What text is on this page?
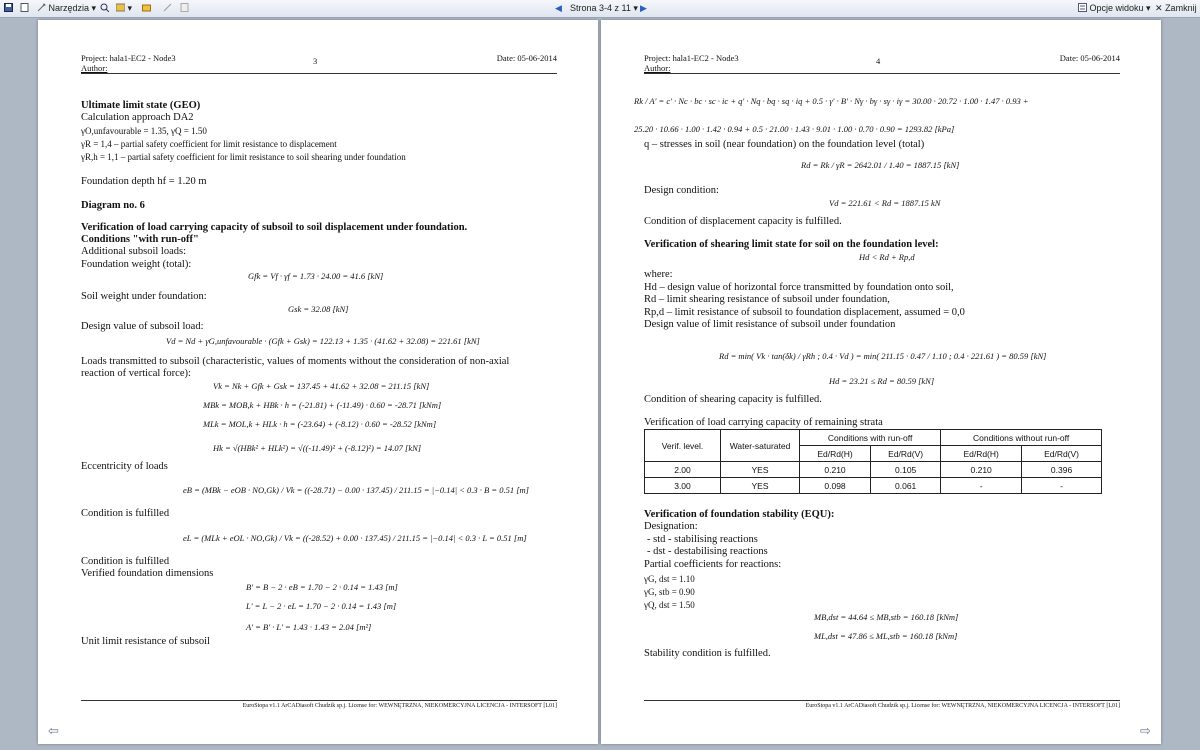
Narzędzia ▾	▾	◀ Strona 3-4 z 11 ▾ ▶	Opcje widoku ▾ ✕ Zamknij
Project: hala1-EC2 - Node3
Author:
3	Date: 05-06-2014
Ultimate limit state (GEO)
Calculation approach DA2
γO,unfavourable = 1.35, γQ = 1.50
γR = 1,4 – partial safety coefficient for limit resistance to displacement
γR,h = 1,1 – partial safety coefficient for limit resistance to soil shearing under foundation
Foundation depth hf = 1.20 m
Diagram no. 6
Verification of load carrying capacity of subsoil to soil displacement under foundation.
Conditions "with run-off"
Additional subsoil loads:
Foundation weight (total):
Gfk = Vf · γf = 1.73 · 24.00 = 41.6 [kN]
Soil weight under foundation:
Gsk = 32.08 [kN]
Design value of subsoil load:
Vd = Nd + γG,unfavourable · (Gfk + Gsk) = 122.13 + 1.35 · (41.62 + 32.08) = 221.61 [kN]
Loads transmitted to subsoil (characteristic, values of moments without the consideration of non-axial
reaction of vertical force):
Vk = Nk + Gfk + Gsk = 137.45 + 41.62 + 32.08 = 211.15 [kN]
MBk = MOB,k + HBk · h = (-21.81) + (-11.49) · 0.60 = -28.71 [kNm]
MLk = MOL,k + HLk · h = (-23.64) + (-8.12) · 0.60 = -28.52 [kNm]
Hk = √(HBk² + HLk²) = √((-11.49)² + (-8.12)²) = 14.07 [kN]
Eccentricity of loads
eB = (MBk − eOB · NO,Gk) / Vk = ((-28.71) − 0.00 · 137.45) / 211.15 = |−0.14| < 0.3 · B = 0.51 [m]
Condition is fulfilled
eL = (MLk + eOL · NO,Gk) / Vk = ((-28.52) + 0.00 · 137.45) / 211.15 = |−0.14| < 0.3 · L = 0.51 [m]
Condition is fulfilled
Verified foundation dimensions
B' = B − 2 · eB = 1.70 − 2 · 0.14 = 1.43 [m]
L' = L − 2 · eL = 1.70 − 2 · 0.14 = 1.43 [m]
A' = B' · L' = 1.43 · 1.43 = 2.04 [m²]
Unit limit resistance of subsoil
EuroStopa v1.1 ArCADiasoft Chudzik sp.j. License for: WEWNĘTRZNA, NIEKOMERCYJNA LICENCJA - INTERSOFT [L01]
Project: hala1-EC2 - Node3
Author:
4	Date: 05-06-2014
Rk / A' = c' · Nc · bc · sc · ic + q' · Nq · bq · sq · iq + 0.5 · γ' · B' · Nγ · bγ · sγ · iγ = 30.00 · 20.72 · 1.00 · 1.47 · 0.93 +
25.20 · 10.66 · 1.00 · 1.42 · 0.94 + 0.5 · 21.00 · 1.43 · 9.01 · 1.00 · 0.70 · 0.90 = 1293.82 [kPa]
q – stresses in soil (near foundation) on the foundation level (total)
Rd = Rk / γR = 2642.01 / 1.40 = 1887.15 [kN]
Design condition:
Vd = 221.61 < Rd = 1887.15 kN
Condition of displacement capacity is fulfilled.
Verification of shearing limit state for soil on the foundation level:
Hd < Rd + Rp,d
where:
Hd – design value of horizontal force transmitted by foundation onto soil,
Rd – limit shearing resistance of subsoil under foundation,
Rp,d – limit resistance of subsoil to foundation displacement, assumed = 0,0
Design value of limit resistance of subsoil under foundation
Rd = min( Vk · tan(δk) / γRh ; 0.4 · Vd ) = min( 211.15 · 0.47 / 1.10 ; 0.4 · 221.61 ) = 80.59 [kN]
Hd = 23.21 ≤ Rd = 80.59 [kN]
Condition of shearing capacity is fulfilled.
Verification of load carrying capacity of remaining strata
Verif. level.	Water-saturated	Conditions with run-off		Conditions without run-off	
		Ed/Rd(H)	Ed/Rd(V)	Ed/Rd(H)	Ed/Rd(V)
2.00	YES	0.210	0.105	0.210	0.396
3.00	YES	0.098	0.061	-	-
Verification of foundation stability (EQU):
Designation:
- std - stabilising reactions
- dst - destabilising reactions
Partial coefficients for reactions:
γG, dst = 1.10
γG, stb = 0.90
γQ, dst = 1.50
MB,dst = 44.64 ≤ MB,stb = 160.18 [kNm]
ML,dst = 47.86 ≤ ML,stb = 160.18 [kNm]
Stability condition is fulfilled.
EuroStopa v1.1 ArCADiasoft Chudzik sp.j. License for: WEWNĘTRZNA, NIEKOMERCYJNA LICENCJA - INTERSOFT [L01]
⇦	⇨
